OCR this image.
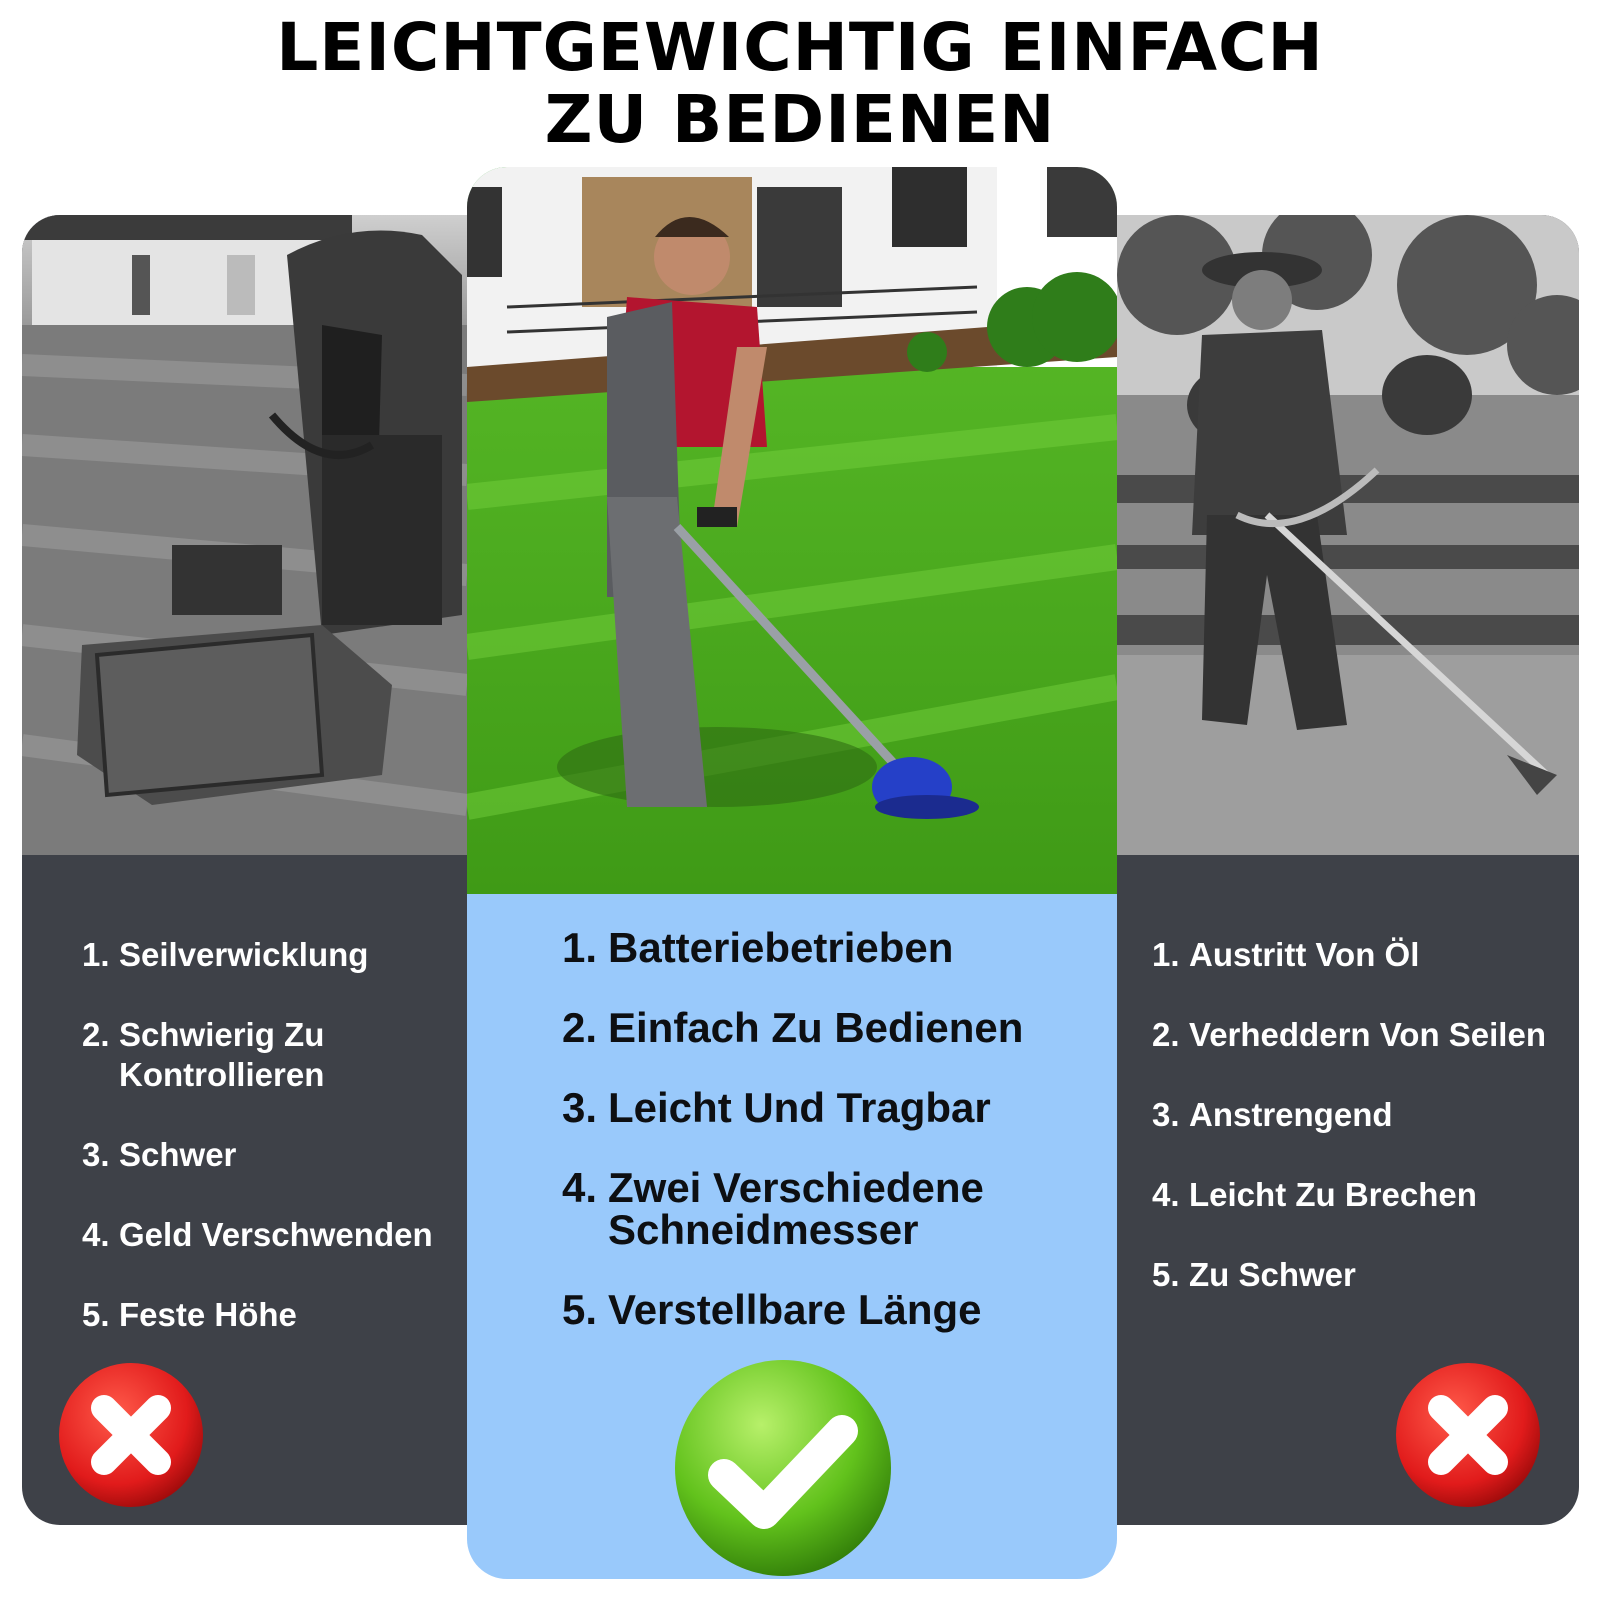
LEICHTGEWICHTIG EINFACH
ZU BEDIENEN
1. Seilverwicklung
2. Schwierig Zu Kontrollieren
3. Schwer
4. Geld Verschwenden
5. Feste Höhe
1. Batteriebetrieben
2. Einfach Zu Bedienen
3. Leicht Und Tragbar
4. Zwei Verschiedene Schneidmesser
5. Verstellbare Länge
1. Austritt Von Öl
2. Verheddern Von Seilen
3. Anstrengend
4. Leicht Zu Brechen
5. Zu Schwer
